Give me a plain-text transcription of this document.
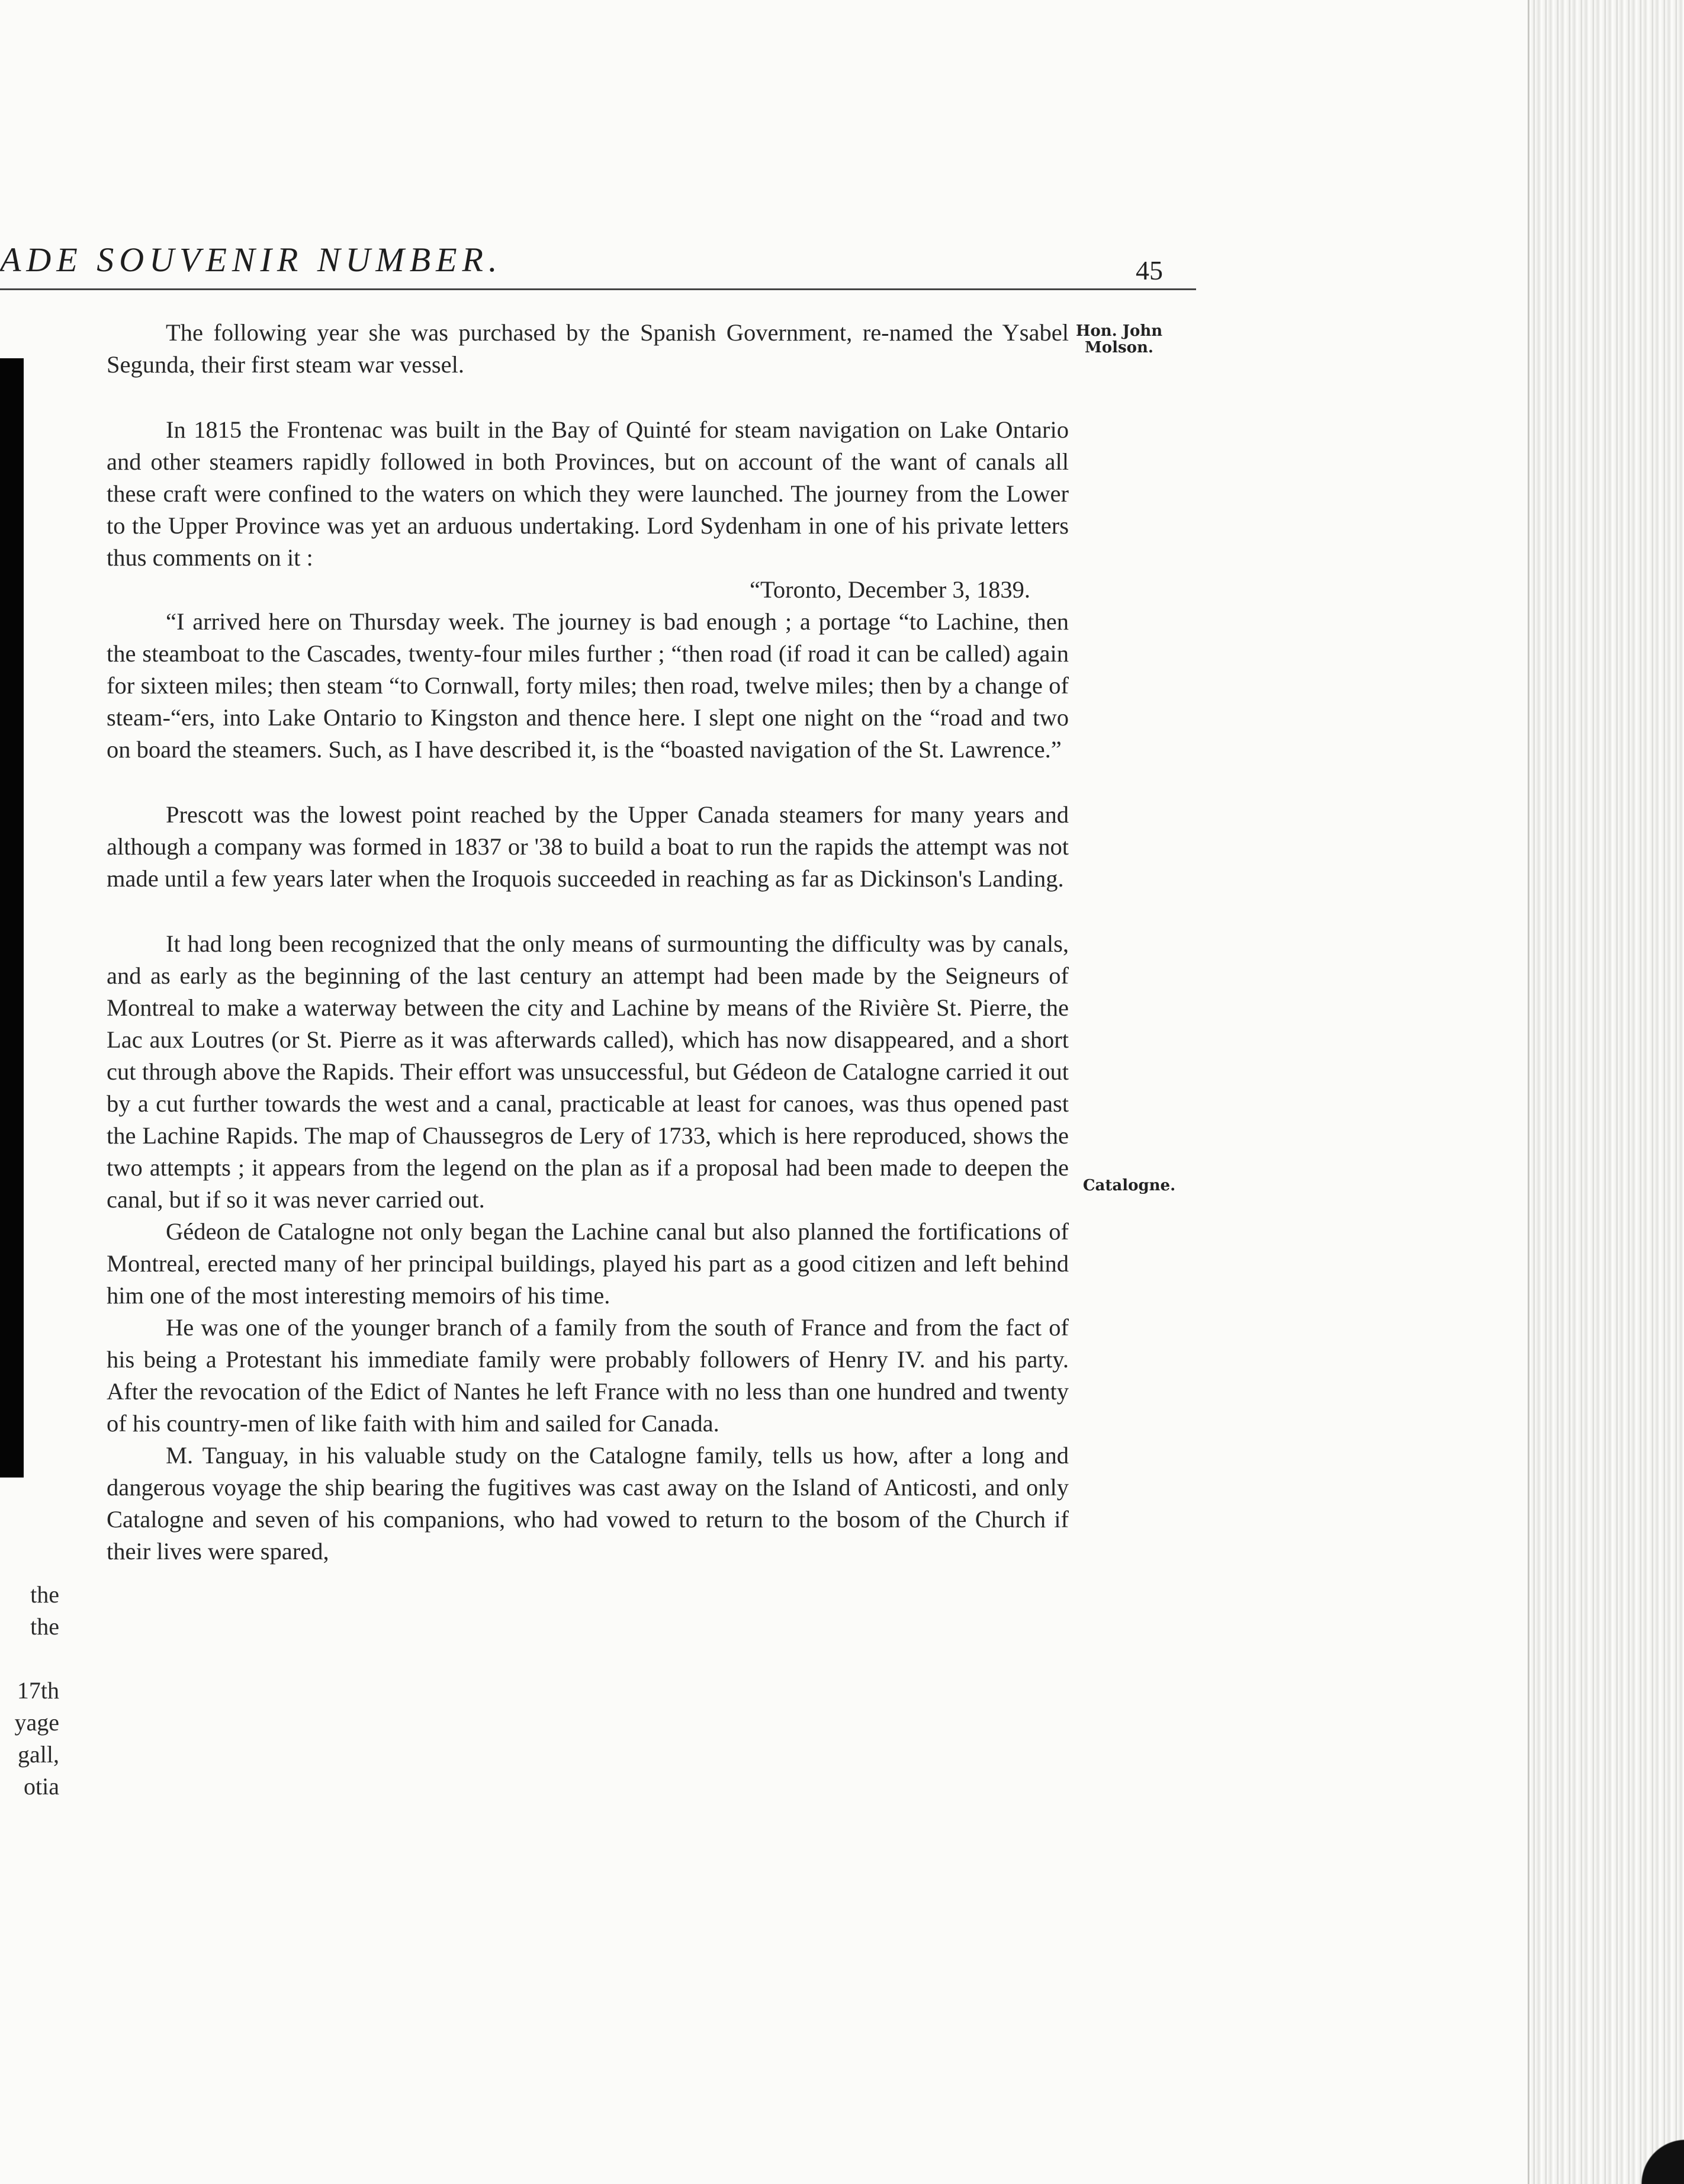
ADE SOUVENIR NUMBER.	45
the
the
17th
yage
gall,
otia

The following year she was purchased by the Spanish Government, re-named the Ysabel Segunda, their first steam war vessel.

In 1815 the Frontenac was built in the Bay of Quinté for steam navigation on Lake Ontario and other steamers rapidly followed in both Provinces, but on account of the want of canals all these craft were confined to the waters on which they were launched. The journey from the Lower to the Upper Province was yet an arduous undertaking. Lord Sydenham in one of his private letters thus comments on it :

“Toronto, December 3, 1839.

“I arrived here on Thursday week. The journey is bad enough ; a portage “to Lachine, then the steamboat to the Cascades, twenty-four miles further ; “then road (if road it can be called) again for sixteen miles; then steam “to Cornwall, forty miles; then road, twelve miles; then by a change of steam-“ers, into Lake Ontario to Kingston and thence here. I slept one night on the “road and two on board the steamers. Such, as I have described it, is the “boasted navigation of the St. Lawrence.”

Prescott was the lowest point reached by the Upper Canada steamers for many years and although a company was formed in 1837 or '38 to build a boat to run the rapids the attempt was not made until a few years later when the Iroquois succeeded in reaching as far as Dickinson's Landing.

It had long been recognized that the only means of surmounting the difficulty was by canals, and as early as the beginning of the last century an attempt had been made by the Seigneurs of Montreal to make a waterway between the city and Lachine by means of the Rivière St. Pierre, the Lac aux Loutres (or St. Pierre as it was afterwards called), which has now disappeared, and a short cut through above the Rapids. Their effort was unsuccessful, but Gédeon de Catalogne carried it out by a cut further towards the west and a canal, practicable at least for canoes, was thus opened past the Lachine Rapids. The map of Chaussegros de Lery of 1733, which is here reproduced, shows the two attempts ; it appears from the legend on the plan as if a proposal had been made to deepen the canal, but if so it was never carried out.

Gédeon de Catalogne not only began the Lachine canal but also planned the fortifications of Montreal, erected many of her principal buildings, played his part as a good citizen and left behind him one of the most interesting memoirs of his time.

He was one of the younger branch of a family from the south of France and from the fact of his being a Protestant his immediate family were probably followers of Henry IV. and his party. After the revocation of the Edict of Nantes he left France with no less than one hundred and twenty of his country-men of like faith with him and sailed for Canada.

M. Tanguay, in his valuable study on the Catalogne family, tells us how, after a long and dangerous voyage the ship bearing the fugitives was cast away on the Island of Anticosti, and only Catalogne and seven of his companions, who had vowed to return to the bosom of the Church if their lives were spared,

Hon. John Molson.
Catalogne.
